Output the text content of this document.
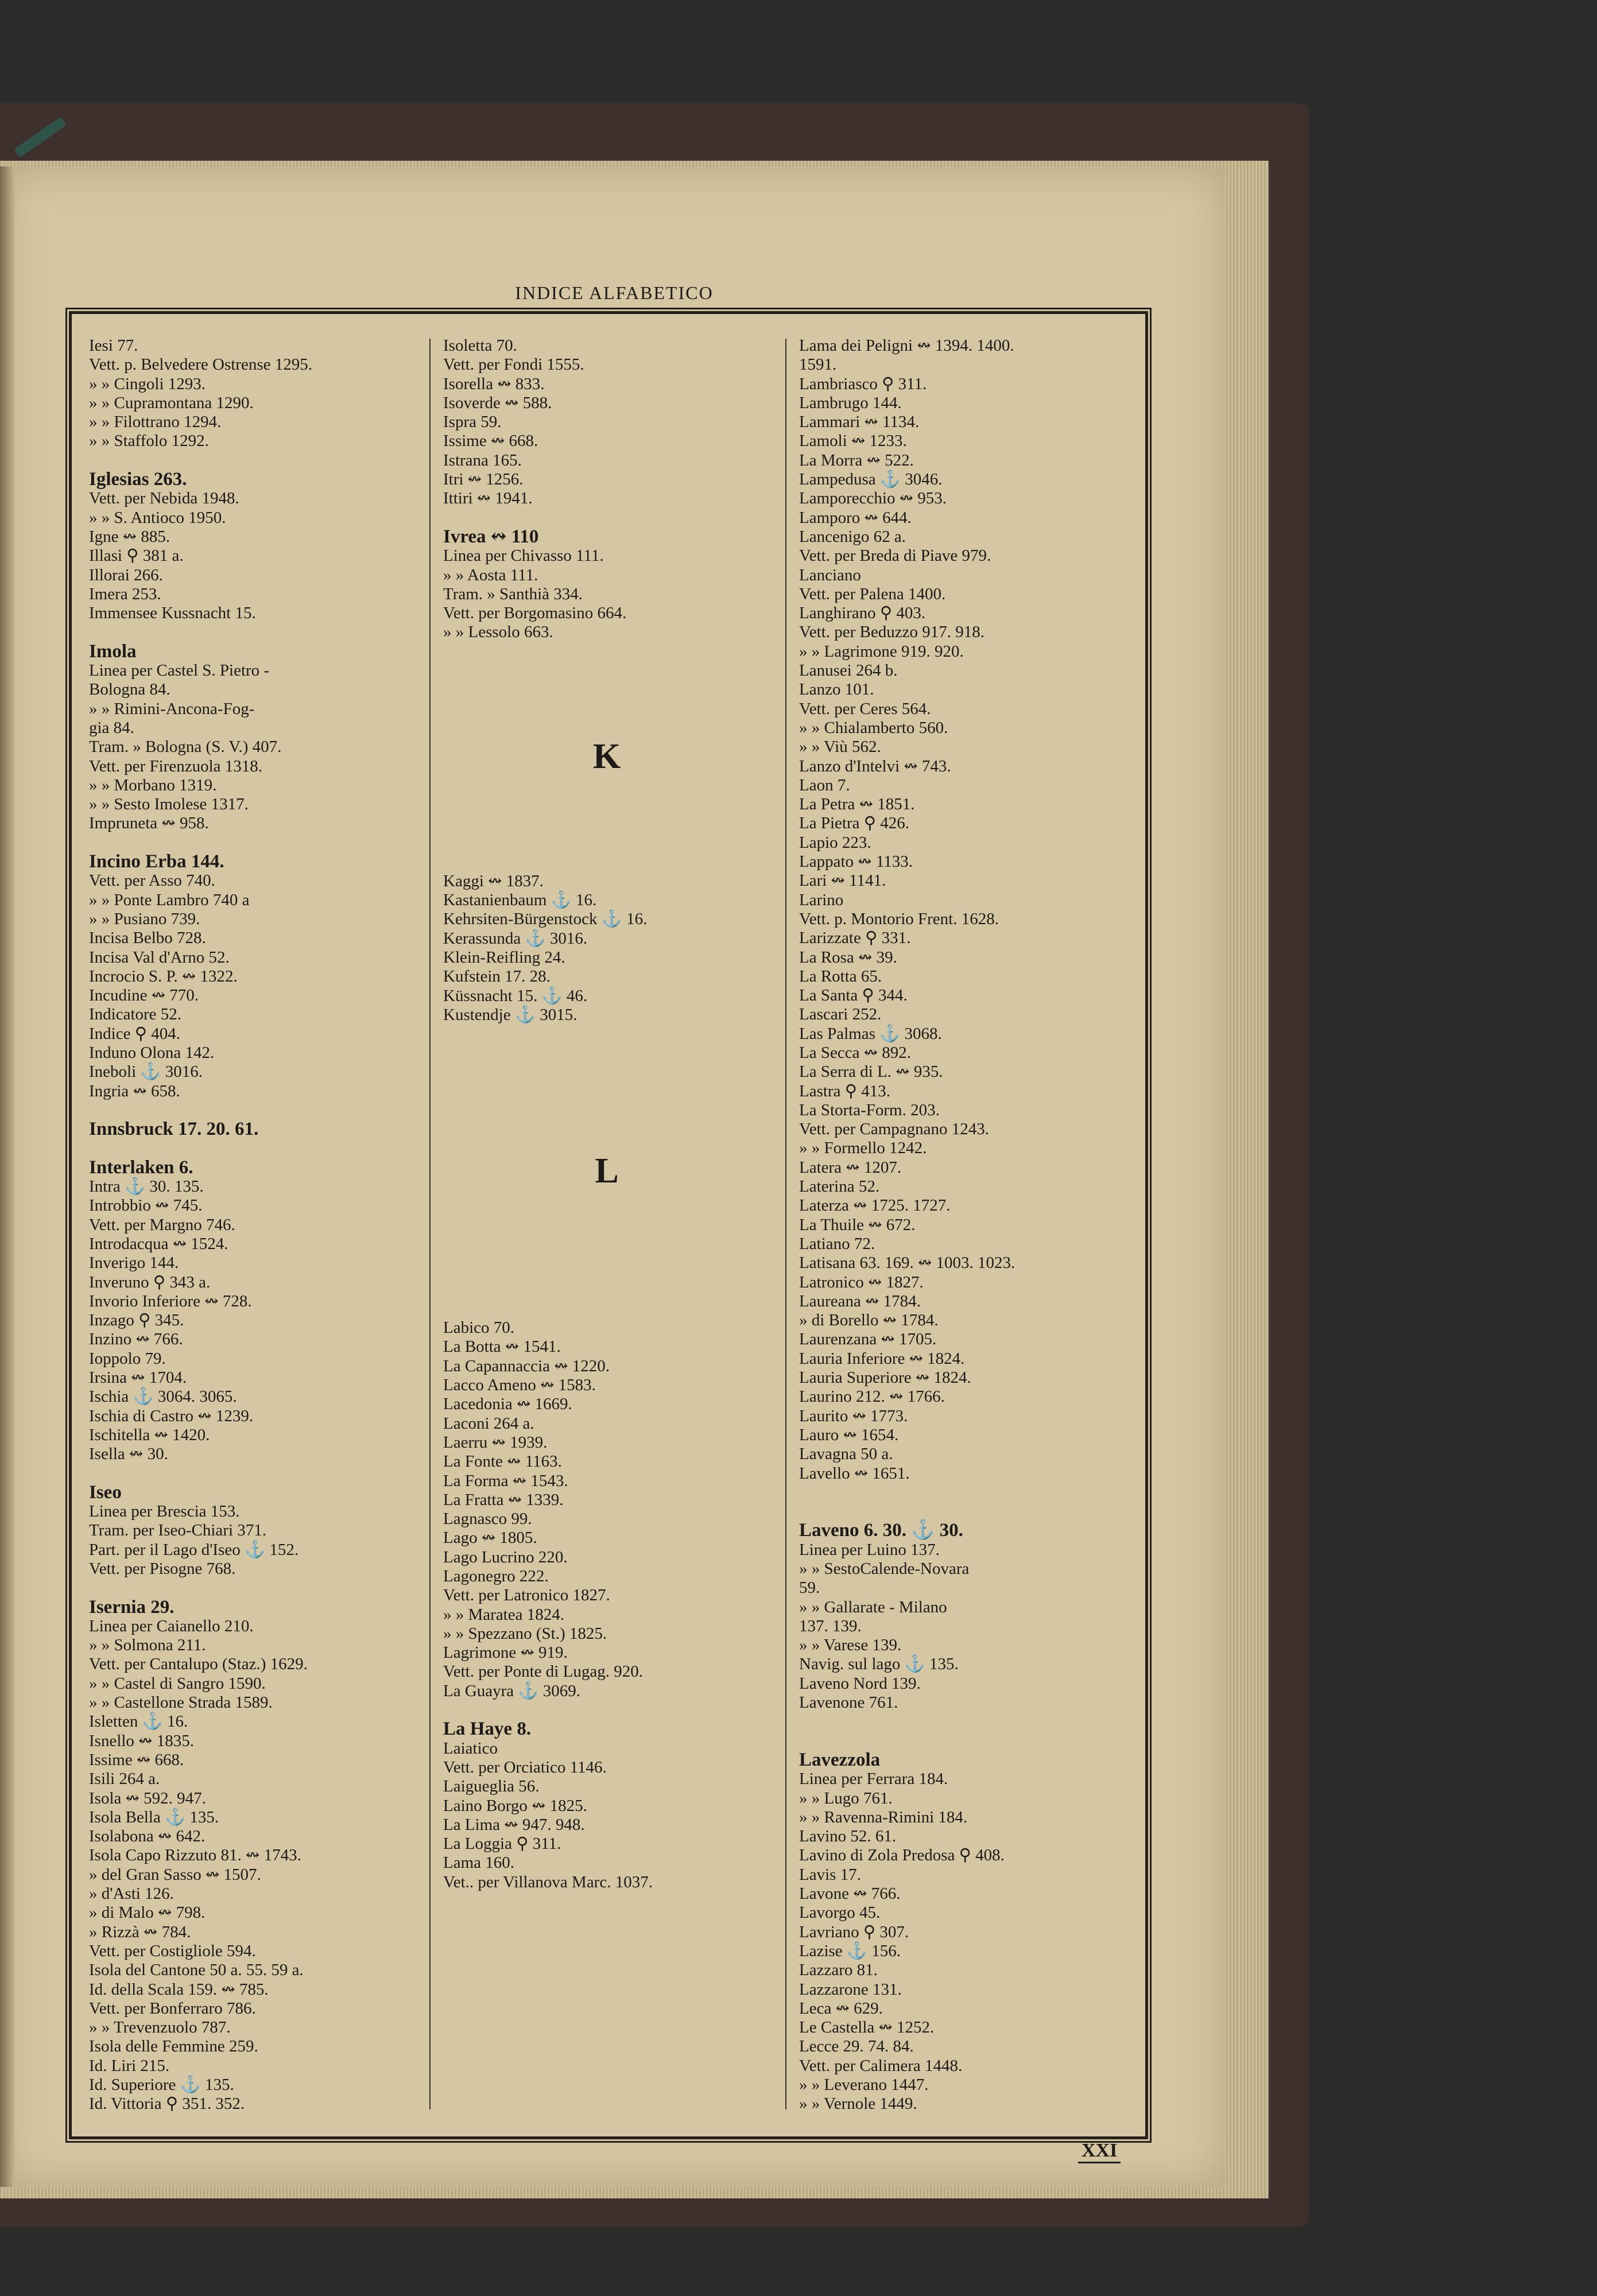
INDICE ALFABETICO
Iesi 77.
Vett. p. Belvedere Ostrense 1295.
» » Cingoli 1293.
» » Cupramontana 1290.
» » Filottrano 1294.
» » Staffolo 1292.
Iglesias 263.
Vett. per Nebida 1948.
» » S. Antioco 1950.
Igne ↭ 885.
Illasi ⚲ 381 a.
Illorai 266.
Imera 253.
Immensee Kussnacht 15.
Imola
Linea per Castel S. Pietro -
Bologna 84.
» » Rimini-Ancona-Fog-
gia 84.
Tram. » Bologna (S. V.) 407.
Vett. per Firenzuola 1318.
» » Morbano 1319.
» » Sesto Imolese 1317.
Impruneta ↭ 958.
Incino Erba 144.
Vett. per Asso 740.
» » Ponte Lambro 740 a
» » Pusiano 739.
Incisa Belbo 728.
Incisa Val d'Arno 52.
Incrocio S. P. ↭ 1322.
Incudine ↭ 770.
Indicatore 52.
Indice ⚲ 404.
Induno Olona 142.
Ineboli ⚓ 3016.
Ingria ↭ 658.
Innsbruck 17. 20. 61.
Interlaken 6.
Intra ⚓ 30. 135.
Introbbio ↭ 745.
Vett. per Margno 746.
Introdacqua ↭ 1524.
Inverigo 144.
Inveruno ⚲ 343 a.
Invorio Inferiore ↭ 728.
Inzago ⚲ 345.
Inzino ↭ 766.
Ioppolo 79.
Irsina ↭ 1704.
Ischia ⚓ 3064. 3065.
Ischia di Castro ↭ 1239.
Ischitella ↭ 1420.
Isella ↭ 30.
Iseo
Linea per Brescia 153.
Tram. per Iseo-Chiari 371.
Part. per il Lago d'Iseo ⚓ 152.
Vett. per Pisogne 768.
Isernia 29.
Linea per Caianello 210.
» » Solmona 211.
Vett. per Cantalupo (Staz.) 1629.
» » Castel di Sangro 1590.
» » Castellone Strada 1589.
Isletten ⚓ 16.
Isnello ↭ 1835.
Issime ↭ 668.
Isili 264 a.
Isola ↭ 592. 947.
Isola Bella ⚓ 135.
Isolabona ↭ 642.
Isola Capo Rizzuto 81. ↭ 1743.
» del Gran Sasso ↭ 1507.
» d'Asti 126.
» di Malo ↭ 798.
» Rizzà ↭ 784.
Vett. per Costigliole 594.
Isola del Cantone 50 a. 55. 59 a.
Id. della Scala 159. ↭ 785.
Vett. per Bonferraro 786.
» » Trevenzuolo 787.
Isola delle Femmine 259.
Id. Liri 215.
Id. Superiore ⚓ 135.
Id. Vittoria ⚲ 351. 352.
Isoletta 70.
Vett. per Fondi 1555.
Isorella ↭ 833.
Isoverde ↭ 588.
Ispra 59.
Issime ↭ 668.
Istrana 165.
Itri ↭ 1256.
Ittiri ↭ 1941.
Ivrea ↭ 110
Linea per Chivasso 111.
» » Aosta 111.
Tram. » Santhià 334.
Vett. per Borgomasino 664.
» » Lessolo 663.
K
Kaggi ↭ 1837.
Kastanienbaum ⚓ 16.
Kehrsiten-Bürgenstock ⚓ 16.
Kerassunda ⚓ 3016.
Klein-Reifling 24.
Kufstein 17. 28.
Küssnacht 15. ⚓ 46.
Kustendje ⚓ 3015.
L
Labico 70.
La Botta ↭ 1541.
La Capannaccia ↭ 1220.
Lacco Ameno ↭ 1583.
Lacedonia ↭ 1669.
Laconi 264 a.
Laerru ↭ 1939.
La Fonte ↭ 1163.
La Forma ↭ 1543.
La Fratta ↭ 1339.
Lagnasco 99.
Lago ↭ 1805.
Lago Lucrino 220.
Lagonegro 222.
Vett. per Latronico 1827.
» » Maratea 1824.
» » Spezzano (St.) 1825.
Lagrimone ↭ 919.
Vett. per Ponte di Lugag. 920.
La Guayra ⚓ 3069.
La Haye 8.
Laiatico
Vett. per Orciatico 1146.
Laigueglia 56.
Laino Borgo ↭ 1825.
La Lima ↭ 947. 948.
La Loggia ⚲ 311.
Lama 160.
Vet.. per Villanova Marc. 1037.
Lama dei Peligni ↭ 1394. 1400.
1591.
Lambriasco ⚲ 311.
Lambrugo 144.
Lammari ↭ 1134.
Lamoli ↭ 1233.
La Morra ↭ 522.
Lampedusa ⚓ 3046.
Lamporecchio ↭ 953.
Lamporo ↭ 644.
Lancenigo 62 a.
Vett. per Breda di Piave 979.
Lanciano
Vett. per Palena 1400.
Langhirano ⚲ 403.
Vett. per Beduzzo 917. 918.
» » Lagrimone 919. 920.
Lanusei 264 b.
Lanzo 101.
Vett. per Ceres 564.
» » Chialamberto 560.
» » Viù 562.
Lanzo d'Intelvi ↭ 743.
Laon 7.
La Petra ↭ 1851.
La Pietra ⚲ 426.
Lapio 223.
Lappato ↭ 1133.
Lari ↭ 1141.
Larino
Vett. p. Montorio Frent. 1628.
Larizzate ⚲ 331.
La Rosa ↭ 39.
La Rotta 65.
La Santa ⚲ 344.
Lascari 252.
Las Palmas ⚓ 3068.
La Secca ↭ 892.
La Serra di L. ↭ 935.
Lastra ⚲ 413.
La Storta-Form. 203.
Vett. per Campagnano 1243.
» » Formello 1242.
Latera ↭ 1207.
Laterina 52.
Laterza ↭ 1725. 1727.
La Thuile ↭ 672.
Latiano 72.
Latisana 63. 169. ↭ 1003. 1023.
Latronico ↭ 1827.
Laureana ↭ 1784.
» di Borello ↭ 1784.
Laurenzana ↭ 1705.
Lauria Inferiore ↭ 1824.
Lauria Superiore ↭ 1824.
Laurino 212. ↭ 1766.
Laurito ↭ 1773.
Lauro ↭ 1654.
Lavagna 50 a.
Lavello ↭ 1651.
Laveno 6. 30. ⚓ 30.
Linea per Luino 137.
» » SestoCalende-Novara
59.
» » Gallarate - Milano
137. 139.
» » Varese 139.
Navig. sul lago ⚓ 135.
Laveno Nord 139.
Lavenone 761.
Lavezzola
Linea per Ferrara 184.
» » Lugo 761.
» » Ravenna-Rimini 184.
Lavino 52. 61.
Lavino di Zola Predosa ⚲ 408.
Lavis 17.
Lavone ↭ 766.
Lavorgo 45.
Lavriano ⚲ 307.
Lazise ⚓ 156.
Lazzaro 81.
Lazzarone 131.
Leca ↭ 629.
Le Castella ↭ 1252.
Lecce 29. 74. 84.
Vett. per Calimera 1448.
» » Leverano 1447.
» » Vernole 1449.
XXI
